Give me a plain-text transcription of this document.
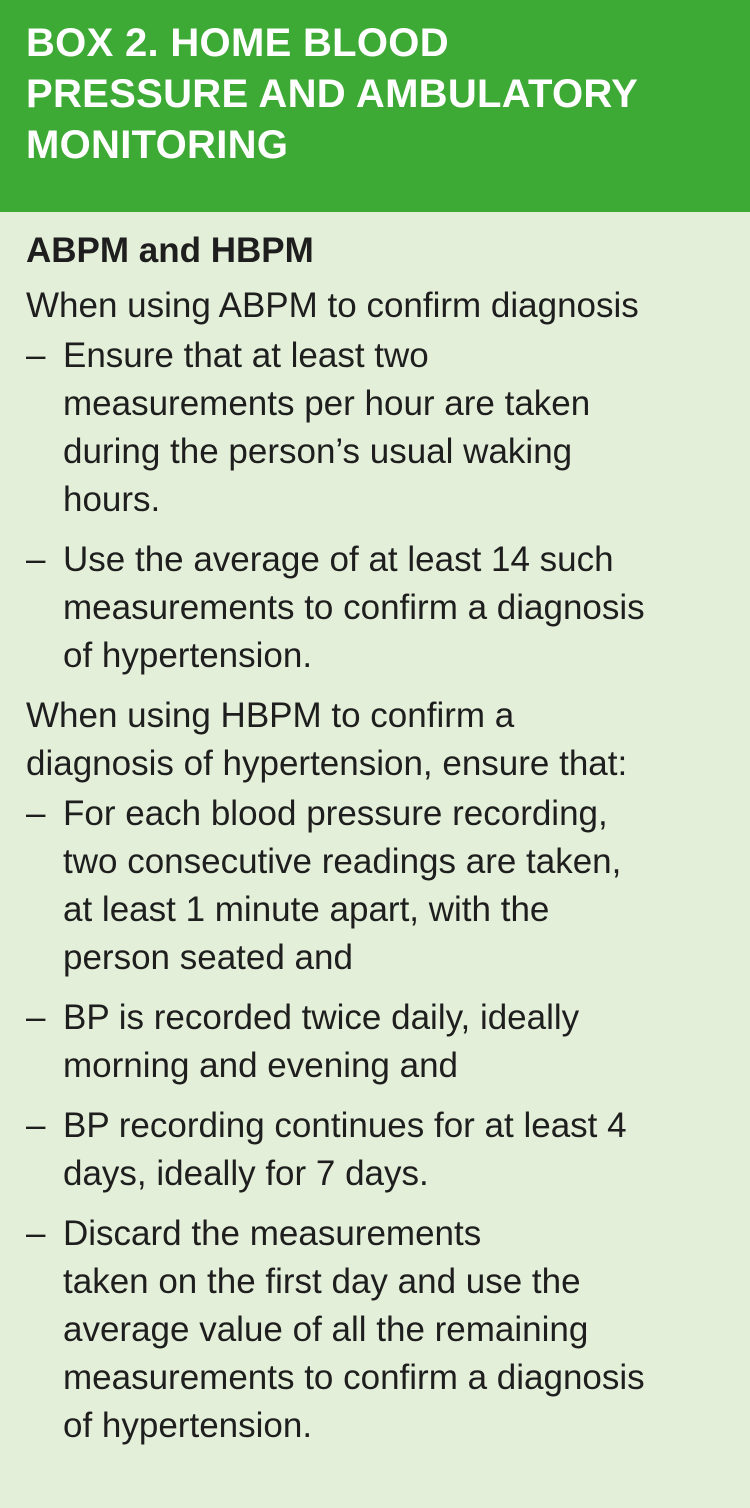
BOX 2. HOME BLOOD
PRESSURE AND AMBULATORY
MONITORING
ABPM and HBPM

When using ABPM to confirm diagnosis

– Ensure that at least two
measurements per hour are taken
during the person’s usual waking
hours.
– Use the average of at least 14 such
measurements to confirm a diagnosis
of hypertension.

When using HBPM to confirm a
diagnosis of hypertension, ensure that:

– For each blood pressure recording,
two consecutive readings are taken,
at least 1 minute apart, with the
person seated and
– BP is recorded twice daily, ideally
morning and evening and
– BP recording continues for at least 4
days, ideally for 7 days.
– Discard the measurements
taken on the first day and use the
average value of all the remaining
measurements to confirm a diagnosis
of hypertension.
